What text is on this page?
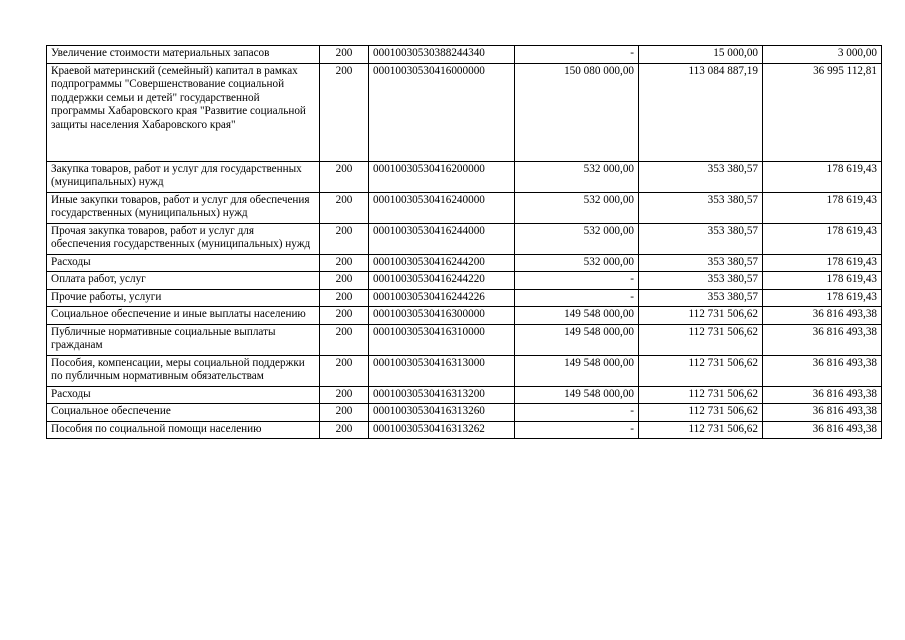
Увеличение стоимости материальных запасов	200	00010030530388244340	-	15 000,00	3 000,00
Краевой материнский (семейный) капитал в рамках подпрограммы "Совершенствование социальной поддержки семьи и детей" государственной программы Хабаровского края "Развитие социальной защиты населения Хабаровского края"	200	00010030530416000000	150 080 000,00	113 084 887,19	36 995 112,81
Закупка товаров, работ и услуг для государственных (муниципальных) нужд	200	00010030530416200000	532 000,00	353 380,57	178 619,43
Иные закупки товаров, работ и услуг для обеспечения государственных (муниципальных) нужд	200	00010030530416240000	532 000,00	353 380,57	178 619,43
Прочая закупка товаров, работ и услуг для обеспечения государственных (муниципальных) нужд	200	00010030530416244000	532 000,00	353 380,57	178 619,43
Расходы	200	00010030530416244200	532 000,00	353 380,57	178 619,43
Оплата работ, услуг	200	00010030530416244220	-	353 380,57	178 619,43
Прочие работы, услуги	200	00010030530416244226	-	353 380,57	178 619,43
Социальное обеспечение и иные выплаты населению	200	00010030530416300000	149 548 000,00	112 731 506,62	36 816 493,38
Публичные нормативные социальные выплаты гражданам	200	00010030530416310000	149 548 000,00	112 731 506,62	36 816 493,38
Пособия, компенсации, меры социальной поддержки по публичным нормативным обязательствам	200	00010030530416313000	149 548 000,00	112 731 506,62	36 816 493,38
Расходы	200	00010030530416313200	149 548 000,00	112 731 506,62	36 816 493,38
Социальное обеспечение	200	00010030530416313260	-	112 731 506,62	36 816 493,38
Пособия по социальной помощи населению	200	00010030530416313262	-	112 731 506,62	36 816 493,38
